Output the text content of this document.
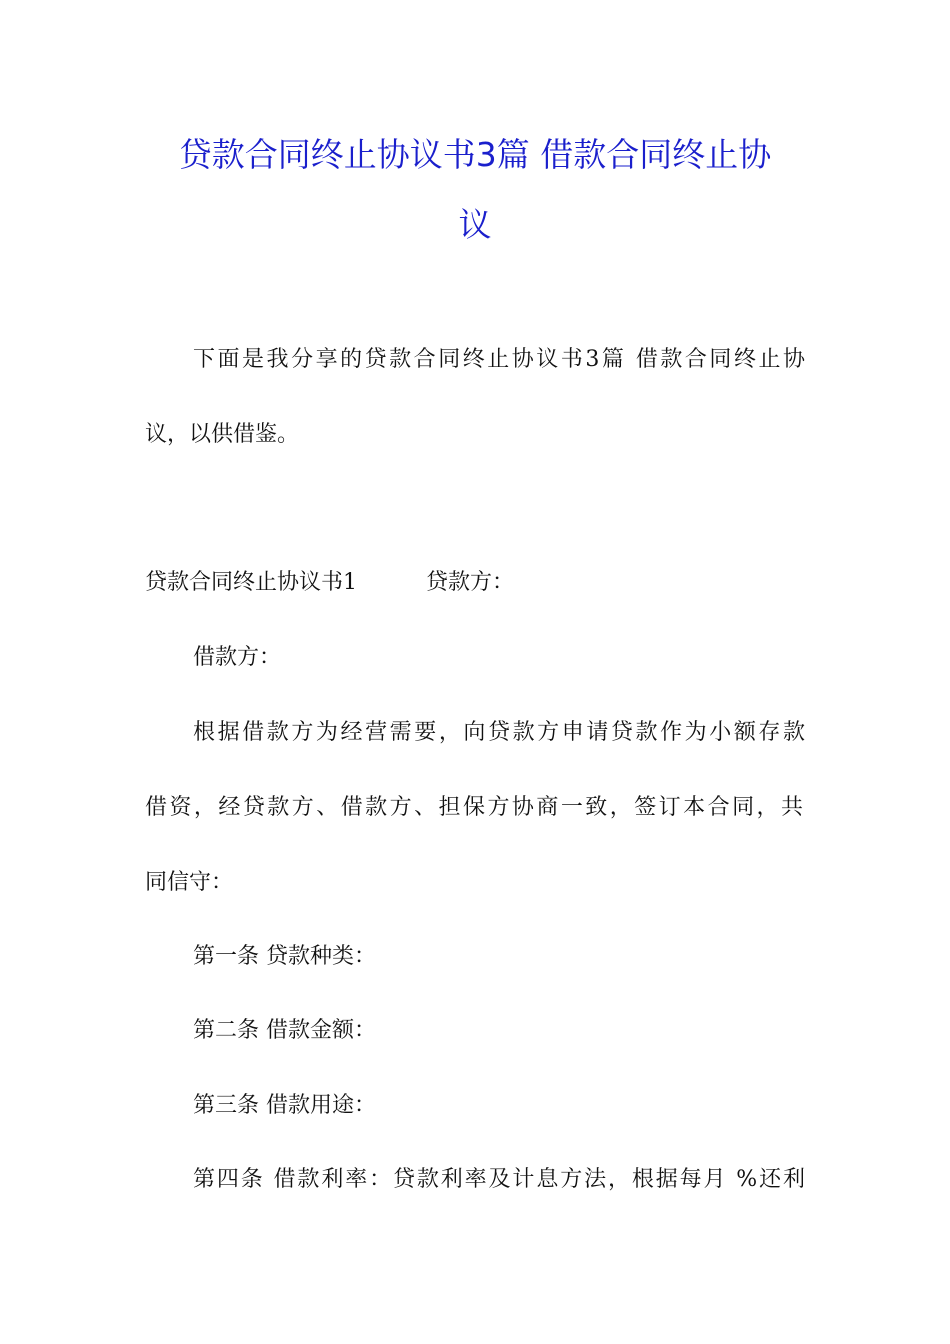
贷款合同终止协议书3篇 借款合同终止协
议
下面是我分享的贷款合同终止协议书3篇 借款合同终止协
议，以供借鉴。
贷款合同终止协议书1	贷款方：
借款方：
根据借款方为经营需要，向贷款方申请贷款作为小额存款
借资，经贷款方、借款方、担保方协商一致，签订本合同，共
同信守：
第一条 贷款种类：
第二条 借款金额：
第三条 借款用途：
第四条 借款利率：贷款利率及计息方法，根据每月 %还利
